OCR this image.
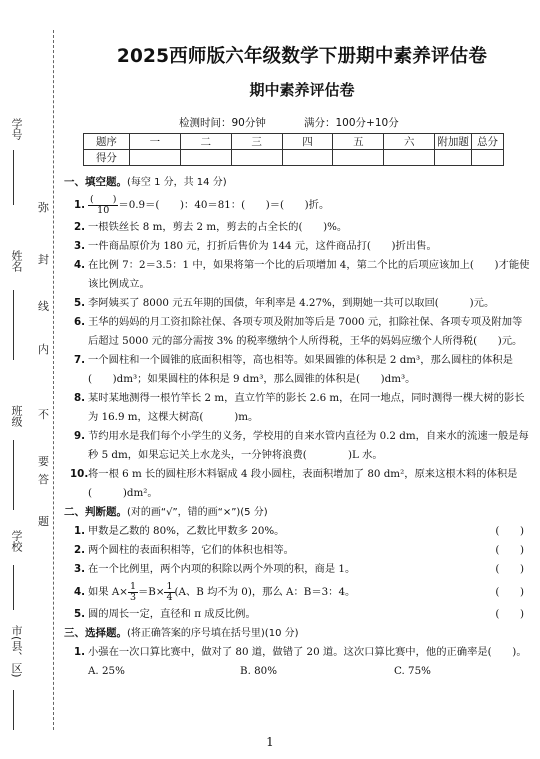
学号
姓名
班级
学校
市(县、区)
弥
封
线
内
不
要
答
题
2025西师版六年级数学下册期中素养评估卷
期中素养评估卷
检测时间：90分钟	满分：100分+10分
题序	一	二	三	四	五	六	附加题	总分
得分								
一、填空题。(每空 1 分，共 14 分)
1. $\frac{( )}{10} =0.9=$(　　)：40＝81：(　　)＝(　　)折。
2. 一根铁丝长 8 m，剪去 2 m，剪去的占全长的(　　)%。
3. 一件商品原价为 180 元，打折后售价为 144 元，这件商品打(　　)折出售。
4. 在比例 7：2＝3.5：1 中，如果将第一个比的后项增加 4，第二个比的后项应该加上(　　)才能使该比例成立。
5. 李阿姨买了 8000 元五年期的国债，年利率是 4.27%，到期她一共可以取回(　　　)元。
6. 王华的妈妈的月工资扣除社保、各项专项及附加等后是 7000 元，扣除社保、各项专项及附加等后超过 5000 元的部分需按 3% 的税率缴纳个人所得税，王华的妈妈应缴个人所得税(　　)元。
7. 一个圆柱和一个圆锥的底面积相等，高也相等。如果圆锥的体积是 2 dm³，那么圆柱的体积是(　　)dm³；如果圆柱的体积是 9 dm³，那么圆锥的体积是(　　)dm³。
8. 某时某地测得一根竹竿长 2 m，直立竹竿的影长 2.6 m，在同一地点，同时测得一棵大树的影长为 16.9 m，这棵大树高(　　　)m。
9. 节约用水是我们每个小学生的义务，学校用的自来水管内直径为 0.2 dm，自来水的流速一般是每秒 5 dm，如果忘记关上水龙头，一分钟将浪费(　　　　)L 水。
10. 将一根 6 m 长的圆柱形木料锯成 4 段小圆柱，表面积增加了 80 dm²，原来这根木料的体积是(　　　)dm²。
二、判断题。(对的画“√”，错的画“×”)(5 分)
1. 甲数是乙数的 80%，乙数比甲数多 20%。	(　　)
2. 两个圆柱的表面积相等，它们的体积也相等。	(　　)
3. 在一个比例里，两个内项的积除以两个外项的积，商是 1。	(　　)
4. 如果 $A\times \frac{1}{3} =B\times \frac{1}{4} (A$、B 均不为 0)，那么 A：B＝3：4。	(　　)
5. 圆的周长一定，直径和 π 成反比例。	(　　)
三、选择题。(将正确答案的序号填在括号里)(10 分)
1. 小强在一次口算比赛中，做对了 80 道，做错了 20 道。这次口算比赛中，他的正确率是(　　)。
A. 25%	B. 80%	C. 75%
1
